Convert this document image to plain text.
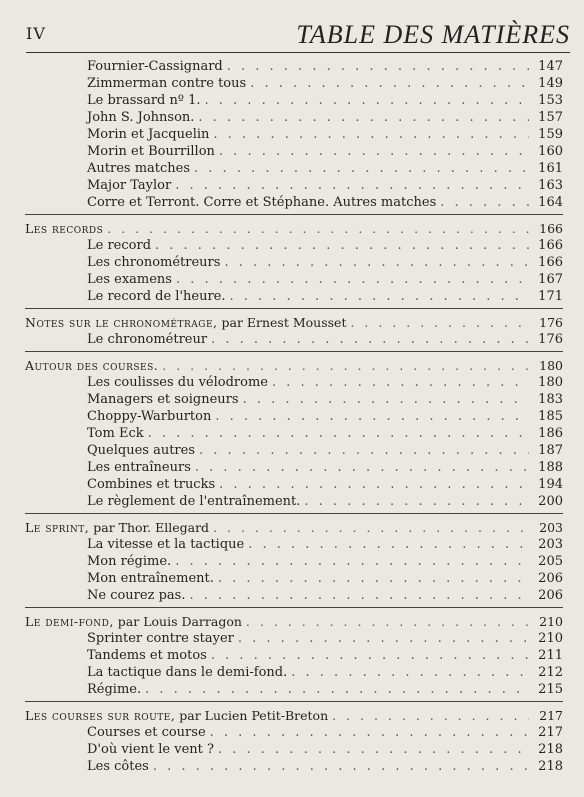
IV	TABLE DES MATIÈRES
Fournier-Cassignard . . .	147
Zimmerman contre tous . . .	149
Le brassard nº 1. . . .	153
John S. Johnson. . . .	157
Morin et Jacquelin . . .	159
Morin et Bourrillon . . .	160
Autres matches . . .	161
Major Taylor . . .	163
Corre et Terront. Corre et Stéphane. Autres matches . . .	164
Les records . . .	166
Le record . . .	166
Les chronométreurs . . .	166
Les examens . . .	167
Le record de l'heure. . . .	171
Notes sur le chronométrage, par Ernest Mousset . . .	176
Le chronométreur . . .	176
Autour des courses. . . .	180
Les coulisses du vélodrome . . .	180
Managers et soigneurs . . .	183
Choppy-Warburton . . .	185
Tom Eck . . .	186
Quelques autres . . .	187
Les entraîneurs . . .	188
Combines et trucks . . .	194
Le règlement de l'entraînement. . . .	200
Le sprint, par Thor. Ellegard . . .	203
La vitesse et la tactique . . .	203
Mon régime. . . .	205
Mon entraînement. . . .	206
Ne courez pas. . . .	206
Le demi-fond, par Louis Darragon . . .	210
Sprinter contre stayer . . .	210
Tandems et motos . . .	211
La tactique dans le demi-fond. . . .	212
Régime. . . .	215
Les courses sur route, par Lucien Petit-Breton . . .	217
Courses et course . . .	217
D'où vient le vent ? . . .	218
Les côtes . . .	218
